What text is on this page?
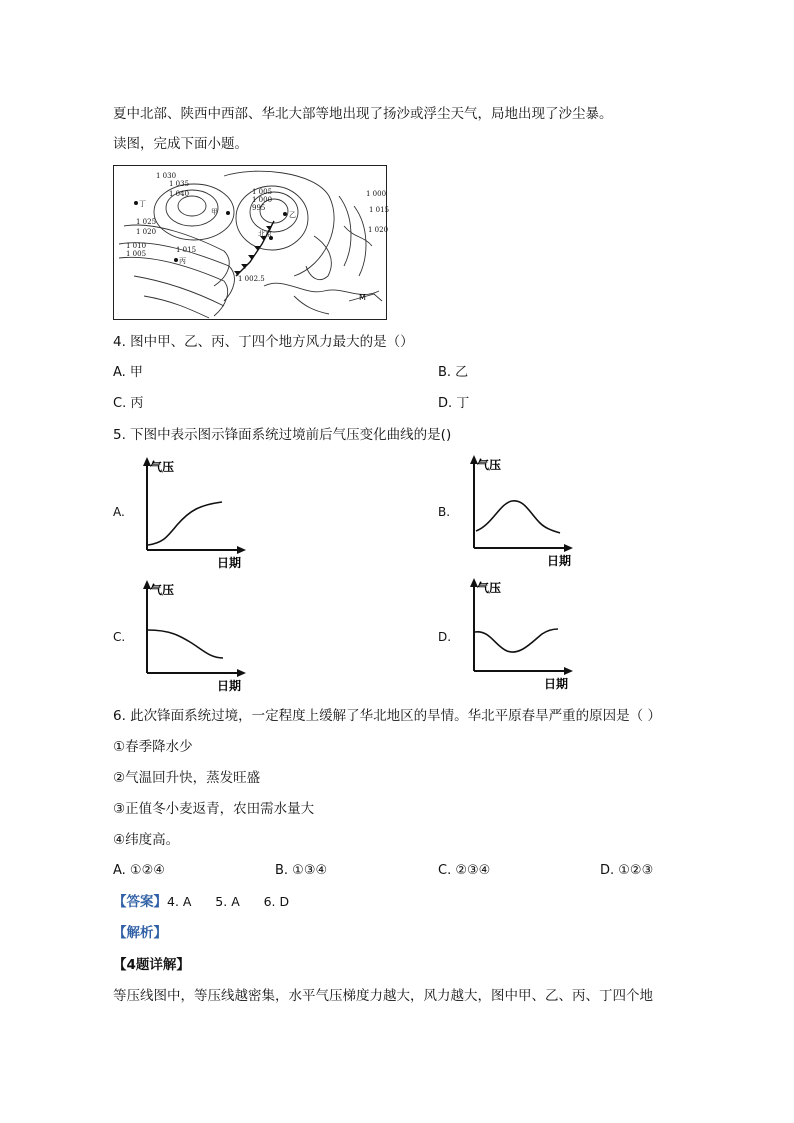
夏中北部、陕西中西部、华北大部等地出现了扬沙或浮尘天气，局地出现了沙尘暴。
读图，完成下面小题。
1 030
1 035
1 040
1 025
1 020
1 010
1 005	1 015
1 005
1 000
995
1 002.5
1 000
1 015
1 020
丁
甲	乙
北京
丙
M
4. 图中甲、乙、丙、丁四个地方风力最大的是（）
A. 甲	B. 乙
C. 丙	D. 丁
5. 下图中表示图示锋面系统过境前后气压变化曲线的是()
A.
气压
日期
B.
气压
日期
C.
气压
日期
D.
气压
日期
6. 此次锋面系统过境，一定程度上缓解了华北地区的旱情。华北平原春旱严重的原因是（ ）
①春季降水少
②气温回升快，蒸发旺盛
③正值冬小麦返青，农田需水量大
④纬度高。
A. ①②④	B. ①③④	C. ②③④	D. ①②③
【答案】4. A      5. A      6. D
【解析】
【4题详解】
等压线图中，等压线越密集，水平气压梯度力越大，风力越大，图中甲、乙、丙、丁四个地
